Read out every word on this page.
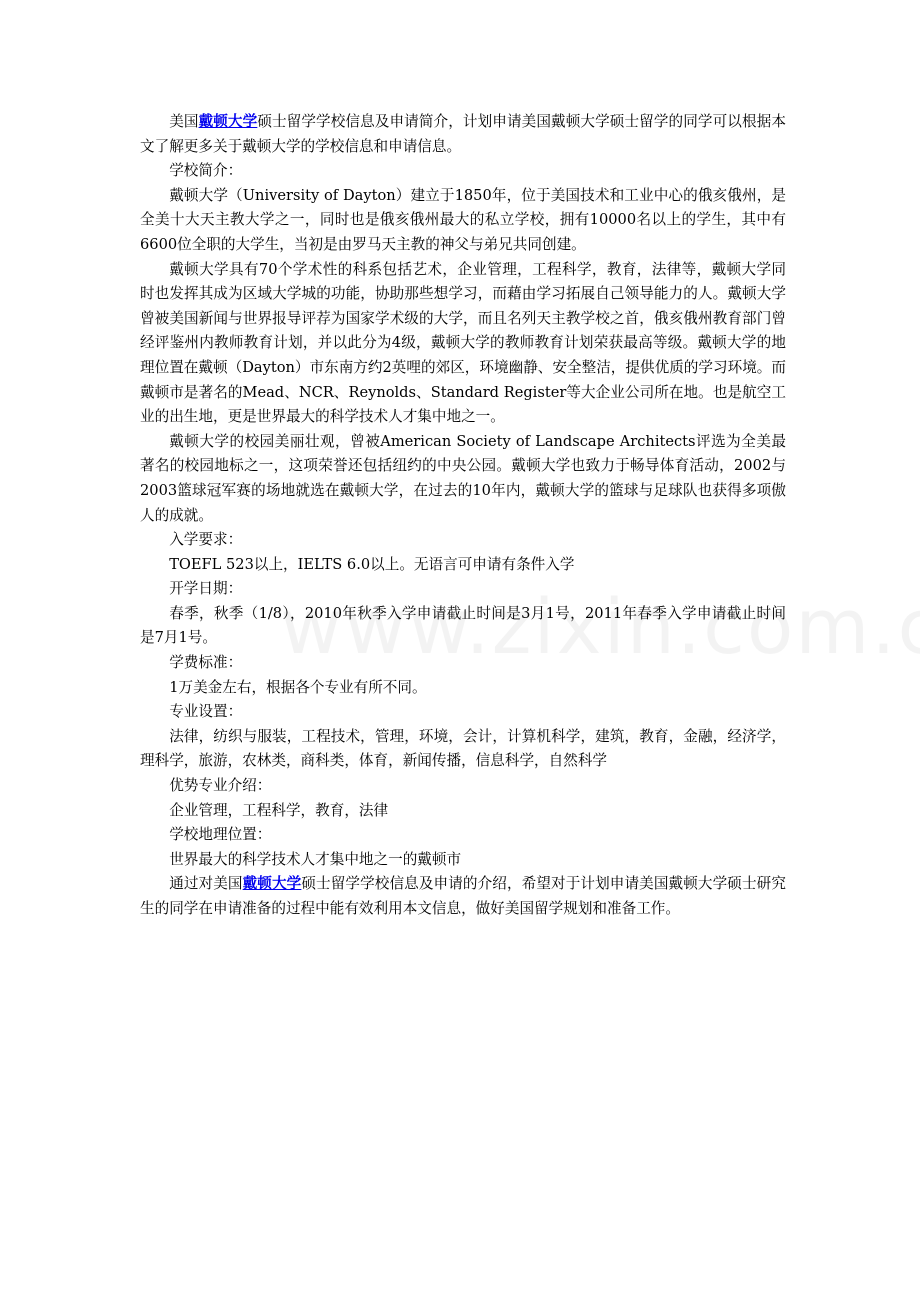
美国戴顿大学硕士留学学校信息及申请简介，计划申请美国戴顿大学硕士留学的同学可以根据本文了解更多关于戴顿大学的学校信息和申请信息。

学校简介：

戴顿大学（University of Dayton）建立于1850年，位于美国技术和工业中心的俄亥俄州，是全美十大天主教大学之一，同时也是俄亥俄州最大的私立学校，拥有10000名以上的学生，其中有6600位全职的大学生，当初是由罗马天主教的神父与弟兄共同创建。

戴顿大学具有70个学术性的科系包括艺术，企业管理，工程科学，教育，法律等，戴顿大学同时也发挥其成为区域大学城的功能，协助那些想学习，而藉由学习拓展自己领导能力的人。戴顿大学曾被美国新闻与世界报导评荐为国家学术级的大学，而且名列天主教学校之首，俄亥俄州教育部门曾经评鉴州内教师教育计划，并以此分为4级，戴顿大学的教师教育计划荣获最高等级。戴顿大学的地理位置在戴顿（Dayton）市东南方约2英哩的郊区，环境幽静、安全整洁，提供优质的学习环境。而戴顿市是著名的Mead、NCR、Reynolds、Standard Register等大企业公司所在地。也是航空工业的出生地，更是世界最大的科学技术人才集中地之一。

戴顿大学的校园美丽壮观，曾被American Society of Landscape Architects评选为全美最著名的校园地标之一，这项荣誉还包括纽约的中央公园。戴顿大学也致力于畅导体育活动，2002与2003篮球冠军赛的场地就选在戴顿大学，在过去的10年内，戴顿大学的篮球与足球队也获得多项傲人的成就。

入学要求：

TOEFL 523以上，IELTS 6.0以上。无语言可申请有条件入学

开学日期：

春季，秋季（1/8），2010年秋季入学申请截止时间是3月1号，2011年春季入学申请截止时间是7月1号。

学费标准：

1万美金左右，根据各个专业有所不同。

专业设置：

法律，纺织与服装，工程技术，管理，环境，会计，计算机科学，建筑，教育，金融，经济学，理科学，旅游，农林类，商科类，体育，新闻传播，信息科学，自然科学

优势专业介绍：

企业管理，工程科学，教育，法律

学校地理位置：

世界最大的科学技术人才集中地之一的戴顿市

通过对美国戴顿大学硕士留学学校信息及申请的介绍，希望对于计划申请美国戴顿大学硕士研究生的同学在申请准备的过程中能有效利用本文信息，做好美国留学规划和准备工作。
